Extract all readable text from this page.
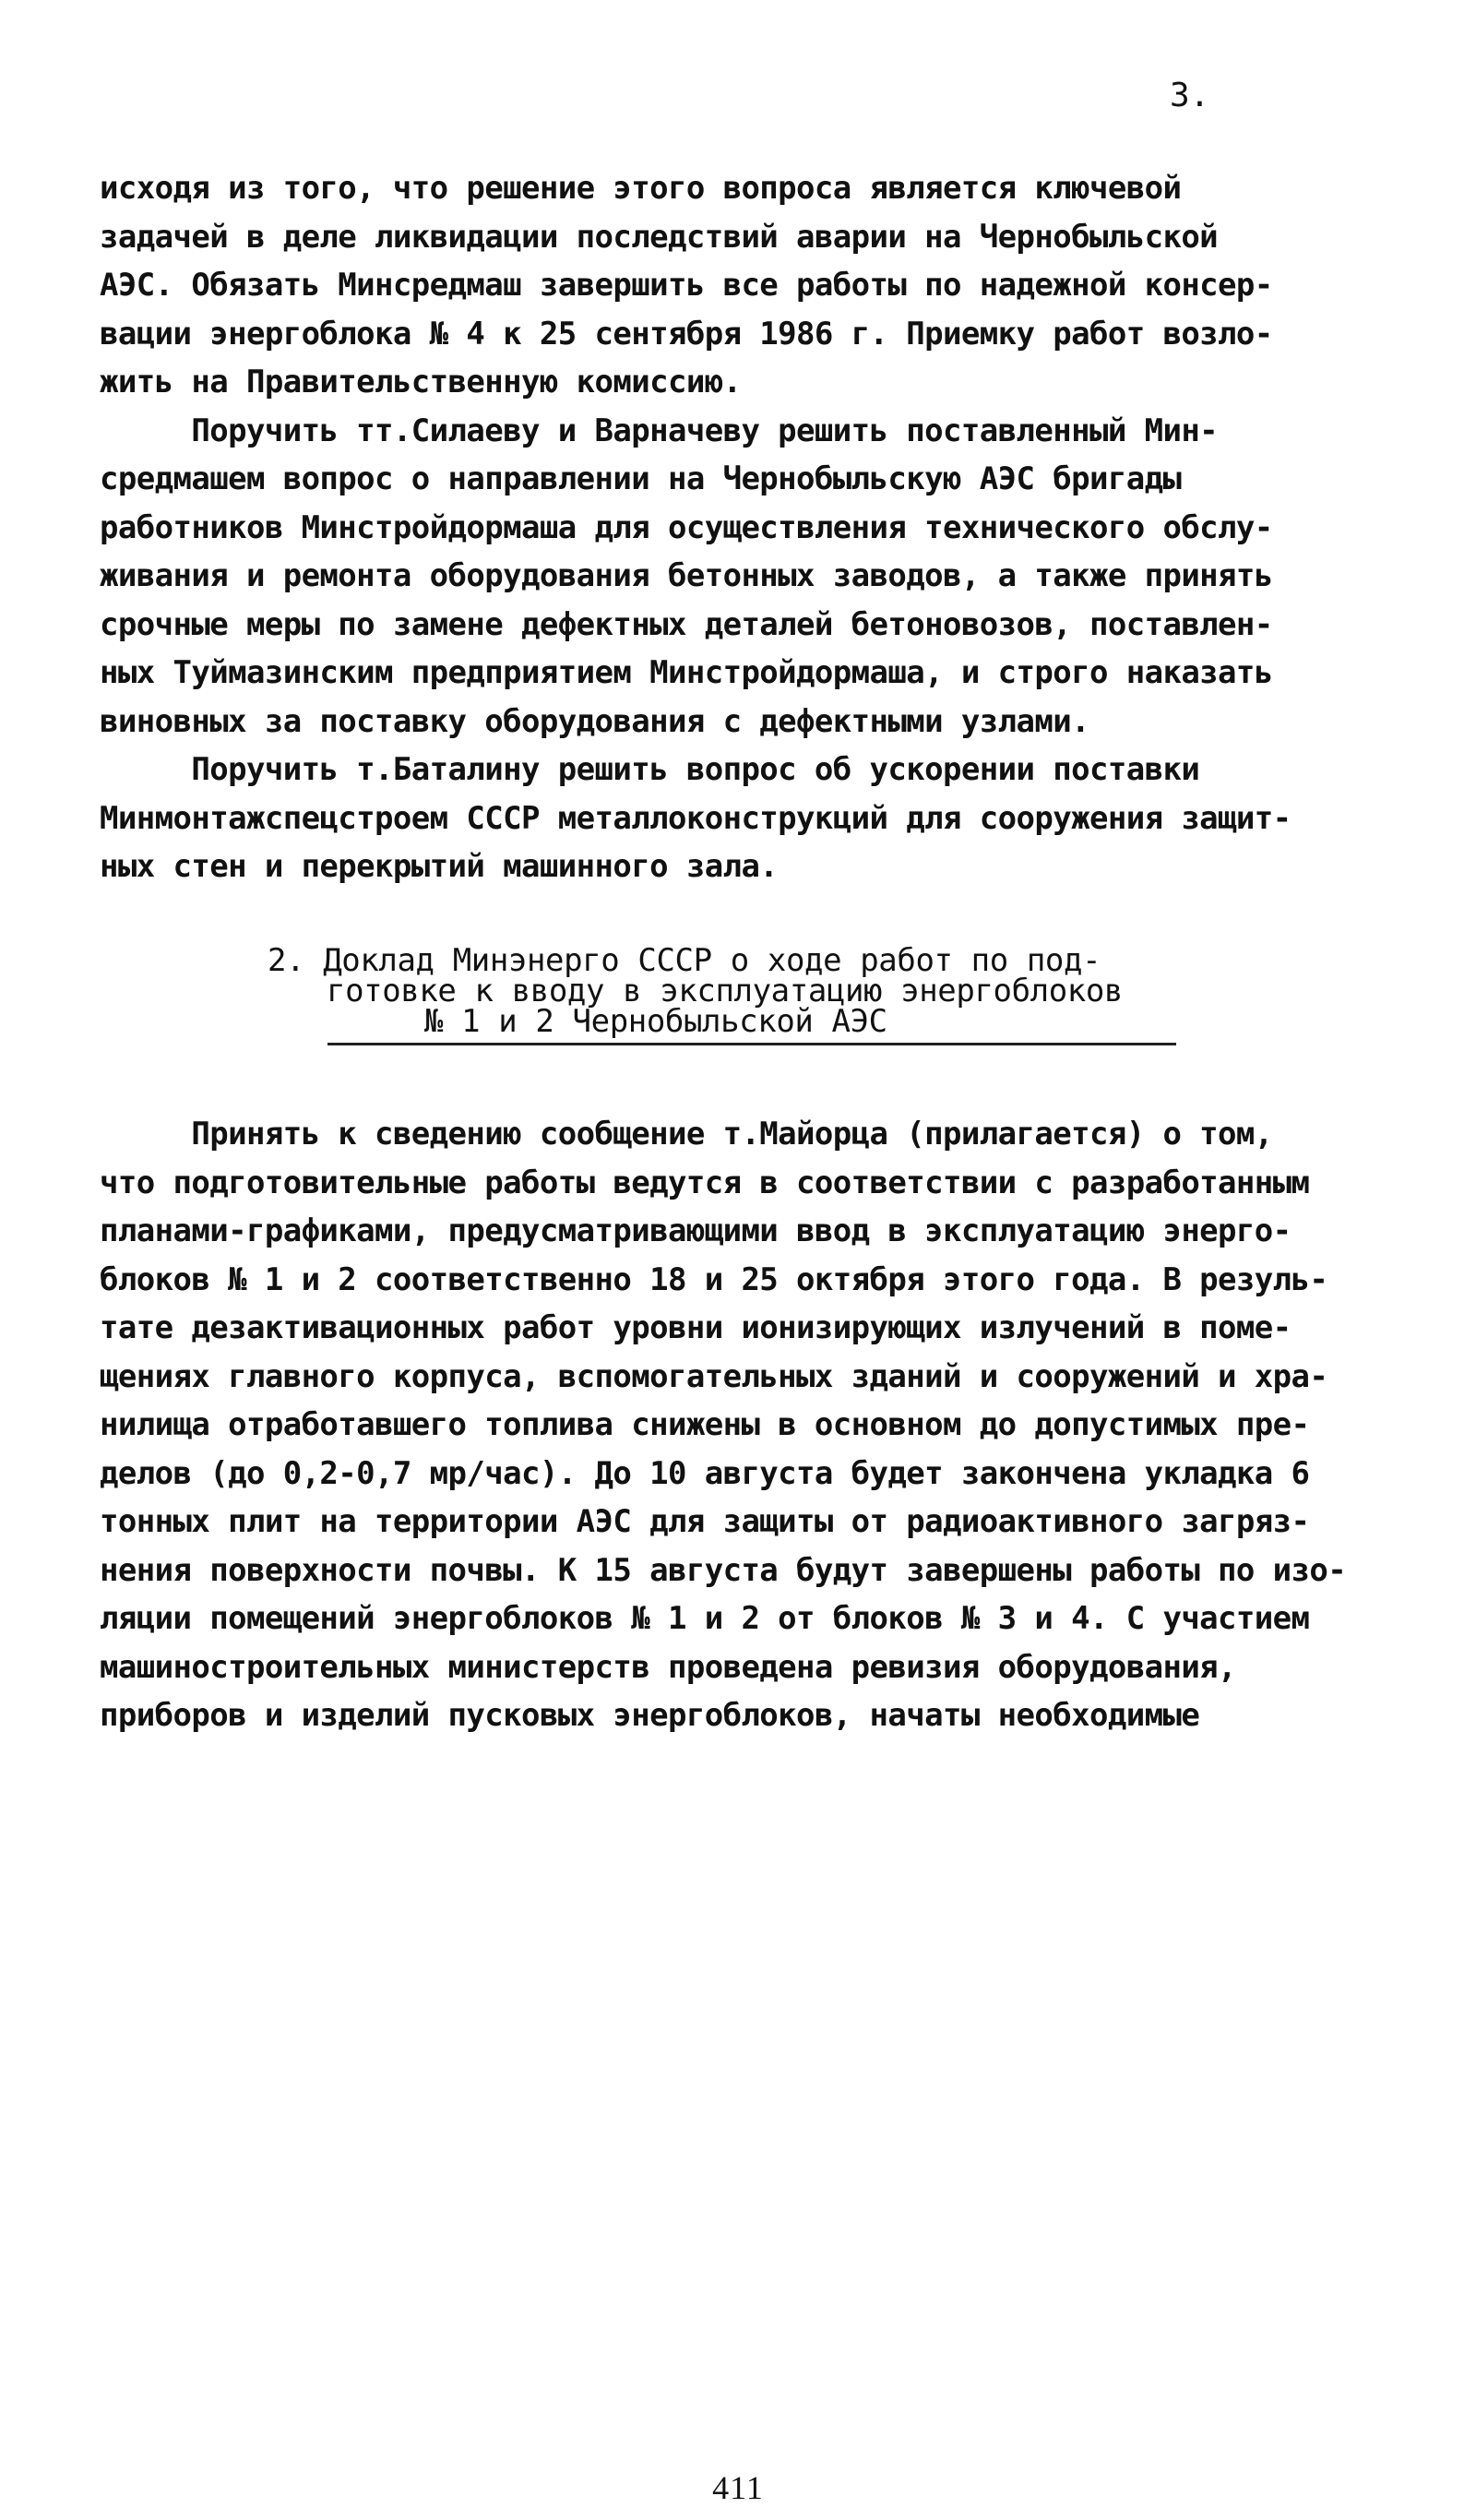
3.
исходя из того, что решение этого вопроса является ключевой
задачей в деле ликвидации последствий аварии на Чернобыльской
АЭС. Обязать Минсредмаш завершить все работы по надежной консер-
вации энергоблока № 4 к 25 сентября 1986 г. Приемку работ возло-
жить на Правительственную комиссию.
Поручить тт.Силаеву и Варначеву решить поставленный Мин-
средмашем вопрос о направлении на Чернобыльскую АЭС бригады
работников Минстройдормаша для осуществления технического обслу-
живания и ремонта оборудования бетонных заводов, а также принять
срочные меры по замене дефектных деталей бетоновозов, поставлен-
ных Туймазинским предприятием Минстройдормаша, и строго наказать
виновных за поставку оборудования с дефектными узлами.
Поручить т.Баталину решить вопрос об ускорении поставки
Минмонтажспецстроем СССР металлоконструкций для сооружения защит-
ных стен и перекрытий машинного зала.
2. Доклад Минэнерго СССР о ходе работ по под-
готовке к вводу в эксплуатацию энергоблоков
№ 1 и 2 Чернобыльской АЭС
Принять к сведению сообщение т.Майорца (прилагается) о том,
что подготовительные работы ведутся в соответствии с разработанным
планами-графиками, предусматривающими ввод в эксплуатацию энерго-
блоков № 1 и 2 соответственно 18 и 25 октября этого года. В резуль-
тате дезактивационных работ уровни ионизирующих излучений в поме-
щениях главного корпуса, вспомогательных зданий и сооружений и хра-
нилища отработавшего топлива снижены в основном до допустимых пре-
делов (до 0,2-0,7 мр/час). До 10 августа будет закончена укладка 6
тонных плит на территории АЭС для защиты от радиоактивного загряз-
нения поверхности почвы. К 15 августа будут завершены работы по изо-
ляции помещений энергоблоков № 1 и 2 от блоков № 3 и 4. С участием
машиностроительных министерств проведена ревизия оборудования,
приборов и изделий пусковых энергоблоков, начаты необходимые
411
